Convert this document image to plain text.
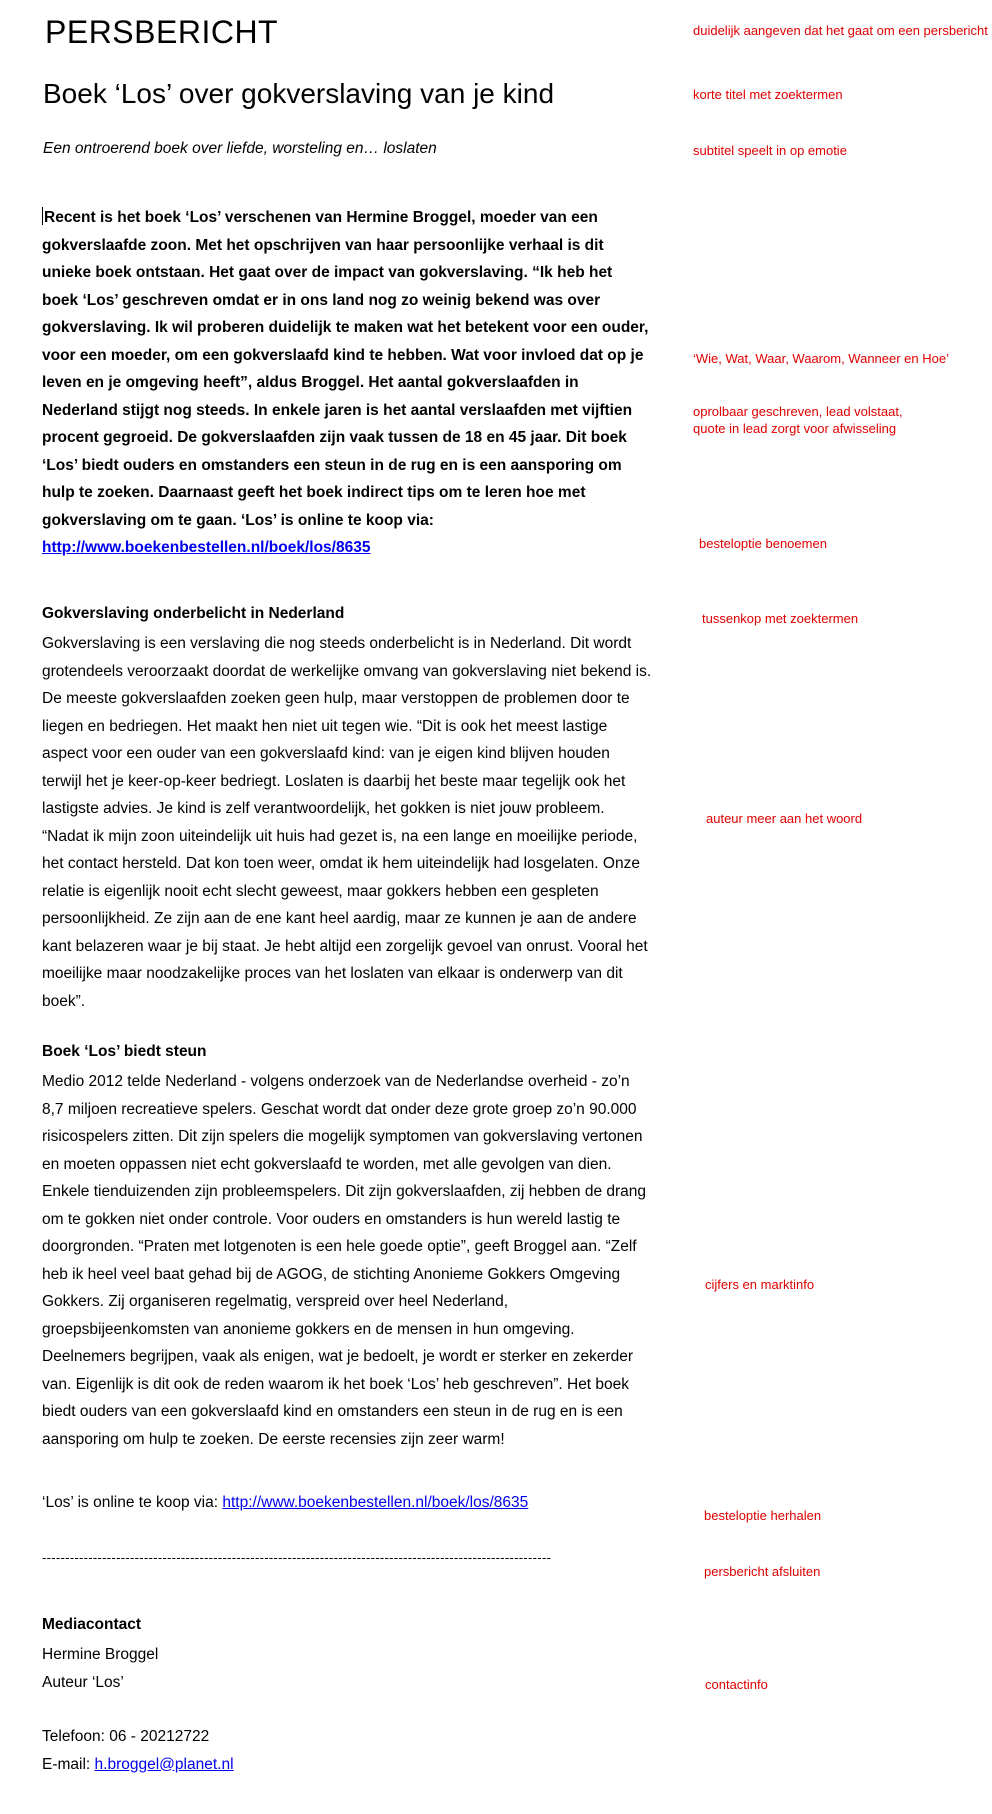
PERSBERICHT
Boek ‘Los’ over gokverslaving van je kind

Een ontroerend boek over liefde, worsteling en… loslaten

Recent is het boek ‘Los’ verschenen van Hermine Broggel, moeder van een gokverslaafde zoon. Met het opschrijven van haar persoonlijke verhaal is dit unieke boek ontstaan. Het gaat over de impact van gokverslaving. “Ik heb het boek ‘Los’ geschreven omdat er in ons land nog zo weinig bekend was over gokverslaving. Ik wil proberen duidelijk te maken wat het betekent voor een ouder, voor een moeder, om een gokverslaafd kind te hebben. Wat voor invloed dat op je leven en je omgeving heeft”, aldus Broggel. Het aantal gokverslaafden in Nederland stijgt nog steeds. In enkele jaren is het aantal verslaafden met vijftien procent gegroeid. De gokverslaafden zijn vaak tussen de 18 en 45 jaar. Dit boek ‘Los’ biedt ouders en omstanders een steun in de rug en is een aansporing om hulp te zoeken. Daarnaast geeft het boek indirect tips om te leren hoe met gokverslaving om te gaan. ‘Los’ is online te koop via:
http://www.boekenbestellen.nl/boek/los/8635

Gokverslaving onderbelicht in Nederland

Gokverslaving is een verslaving die nog steeds onderbelicht is in Nederland. Dit wordt grotendeels veroorzaakt doordat de werkelijke omvang van gokverslaving niet bekend is. De meeste gokverslaafden zoeken geen hulp, maar verstoppen de problemen door te liegen en bedriegen. Het maakt hen niet uit tegen wie. “Dit is ook het meest lastige aspect voor een ouder van een gokverslaafd kind: van je eigen kind blijven houden terwijl het je keer-op-keer bedriegt. Loslaten is daarbij het beste maar tegelijk ook het lastigste advies. Je kind is zelf verantwoordelijk, het gokken is niet jouw probleem. “Nadat ik mijn zoon uiteindelijk uit huis had gezet is, na een lange en moeilijke periode, het contact hersteld. Dat kon toen weer, omdat ik hem uiteindelijk had losgelaten. Onze relatie is eigenlijk nooit echt slecht geweest, maar gokkers hebben een gespleten persoonlijkheid. Ze zijn aan de ene kant heel aardig, maar ze kunnen je aan de andere kant belazeren waar je bij staat. Je hebt altijd een zorgelijk gevoel van onrust. Vooral het moeilijke maar noodzakelijke proces van het loslaten van elkaar is onderwerp van dit boek”.

Boek ‘Los’ biedt steun

Medio 2012 telde Nederland - volgens onderzoek van de Nederlandse overheid - zo’n 8,7 miljoen recreatieve spelers. Geschat wordt dat onder deze grote groep zo’n 90.000 risicospelers zitten. Dit zijn spelers die mogelijk symptomen van gokverslaving vertonen en moeten oppassen niet echt gokverslaafd te worden, met alle gevolgen van dien. Enkele tienduizenden zijn probleemspelers. Dit zijn gokverslaafden, zij hebben de drang om te gokken niet onder controle. Voor ouders en omstanders is hun wereld lastig te doorgronden. “Praten met lotgenoten is een hele goede optie”, geeft Broggel aan. “Zelf heb ik heel veel baat gehad bij de AGOG, de stichting Anonieme Gokkers Omgeving Gokkers. Zij organiseren regelmatig, verspreid over heel Nederland, groepsbijeenkomsten van anonieme gokkers en de mensen in hun omgeving. Deelnemers begrijpen, vaak als enigen, wat je bedoelt, je wordt er sterker en zekerder van. Eigenlijk is dit ook de reden waarom ik het boek ‘Los’ heb geschreven”. Het boek biedt ouders van een gokverslaafd kind en omstanders een steun in de rug en is een aansporing om hulp te zoeken. De eerste recensies zijn zeer warm!

‘Los’ is online te koop via: http://www.boekenbestellen.nl/boek/los/8635

--------------------------------------------------------------------------------------------------------------

Mediacontact

Hermine Broggel
Auteur ‘Los’

Telefoon: 06 - 20212722
E-mail: h.broggel@planet.nl

duidelijk aangeven dat het gaat om een persbericht
korte titel met zoektermen
subtitel speelt in op emotie
‘Wie, Wat, Waar, Waarom, Wanneer en Hoe’
oprolbaar geschreven, lead volstaat,
quote in lead zorgt voor afwisseling
besteloptie benoemen
tussenkop met zoektermen
auteur meer aan het woord
cijfers en marktinfo
besteloptie herhalen
persbericht afsluiten
contactinfo
